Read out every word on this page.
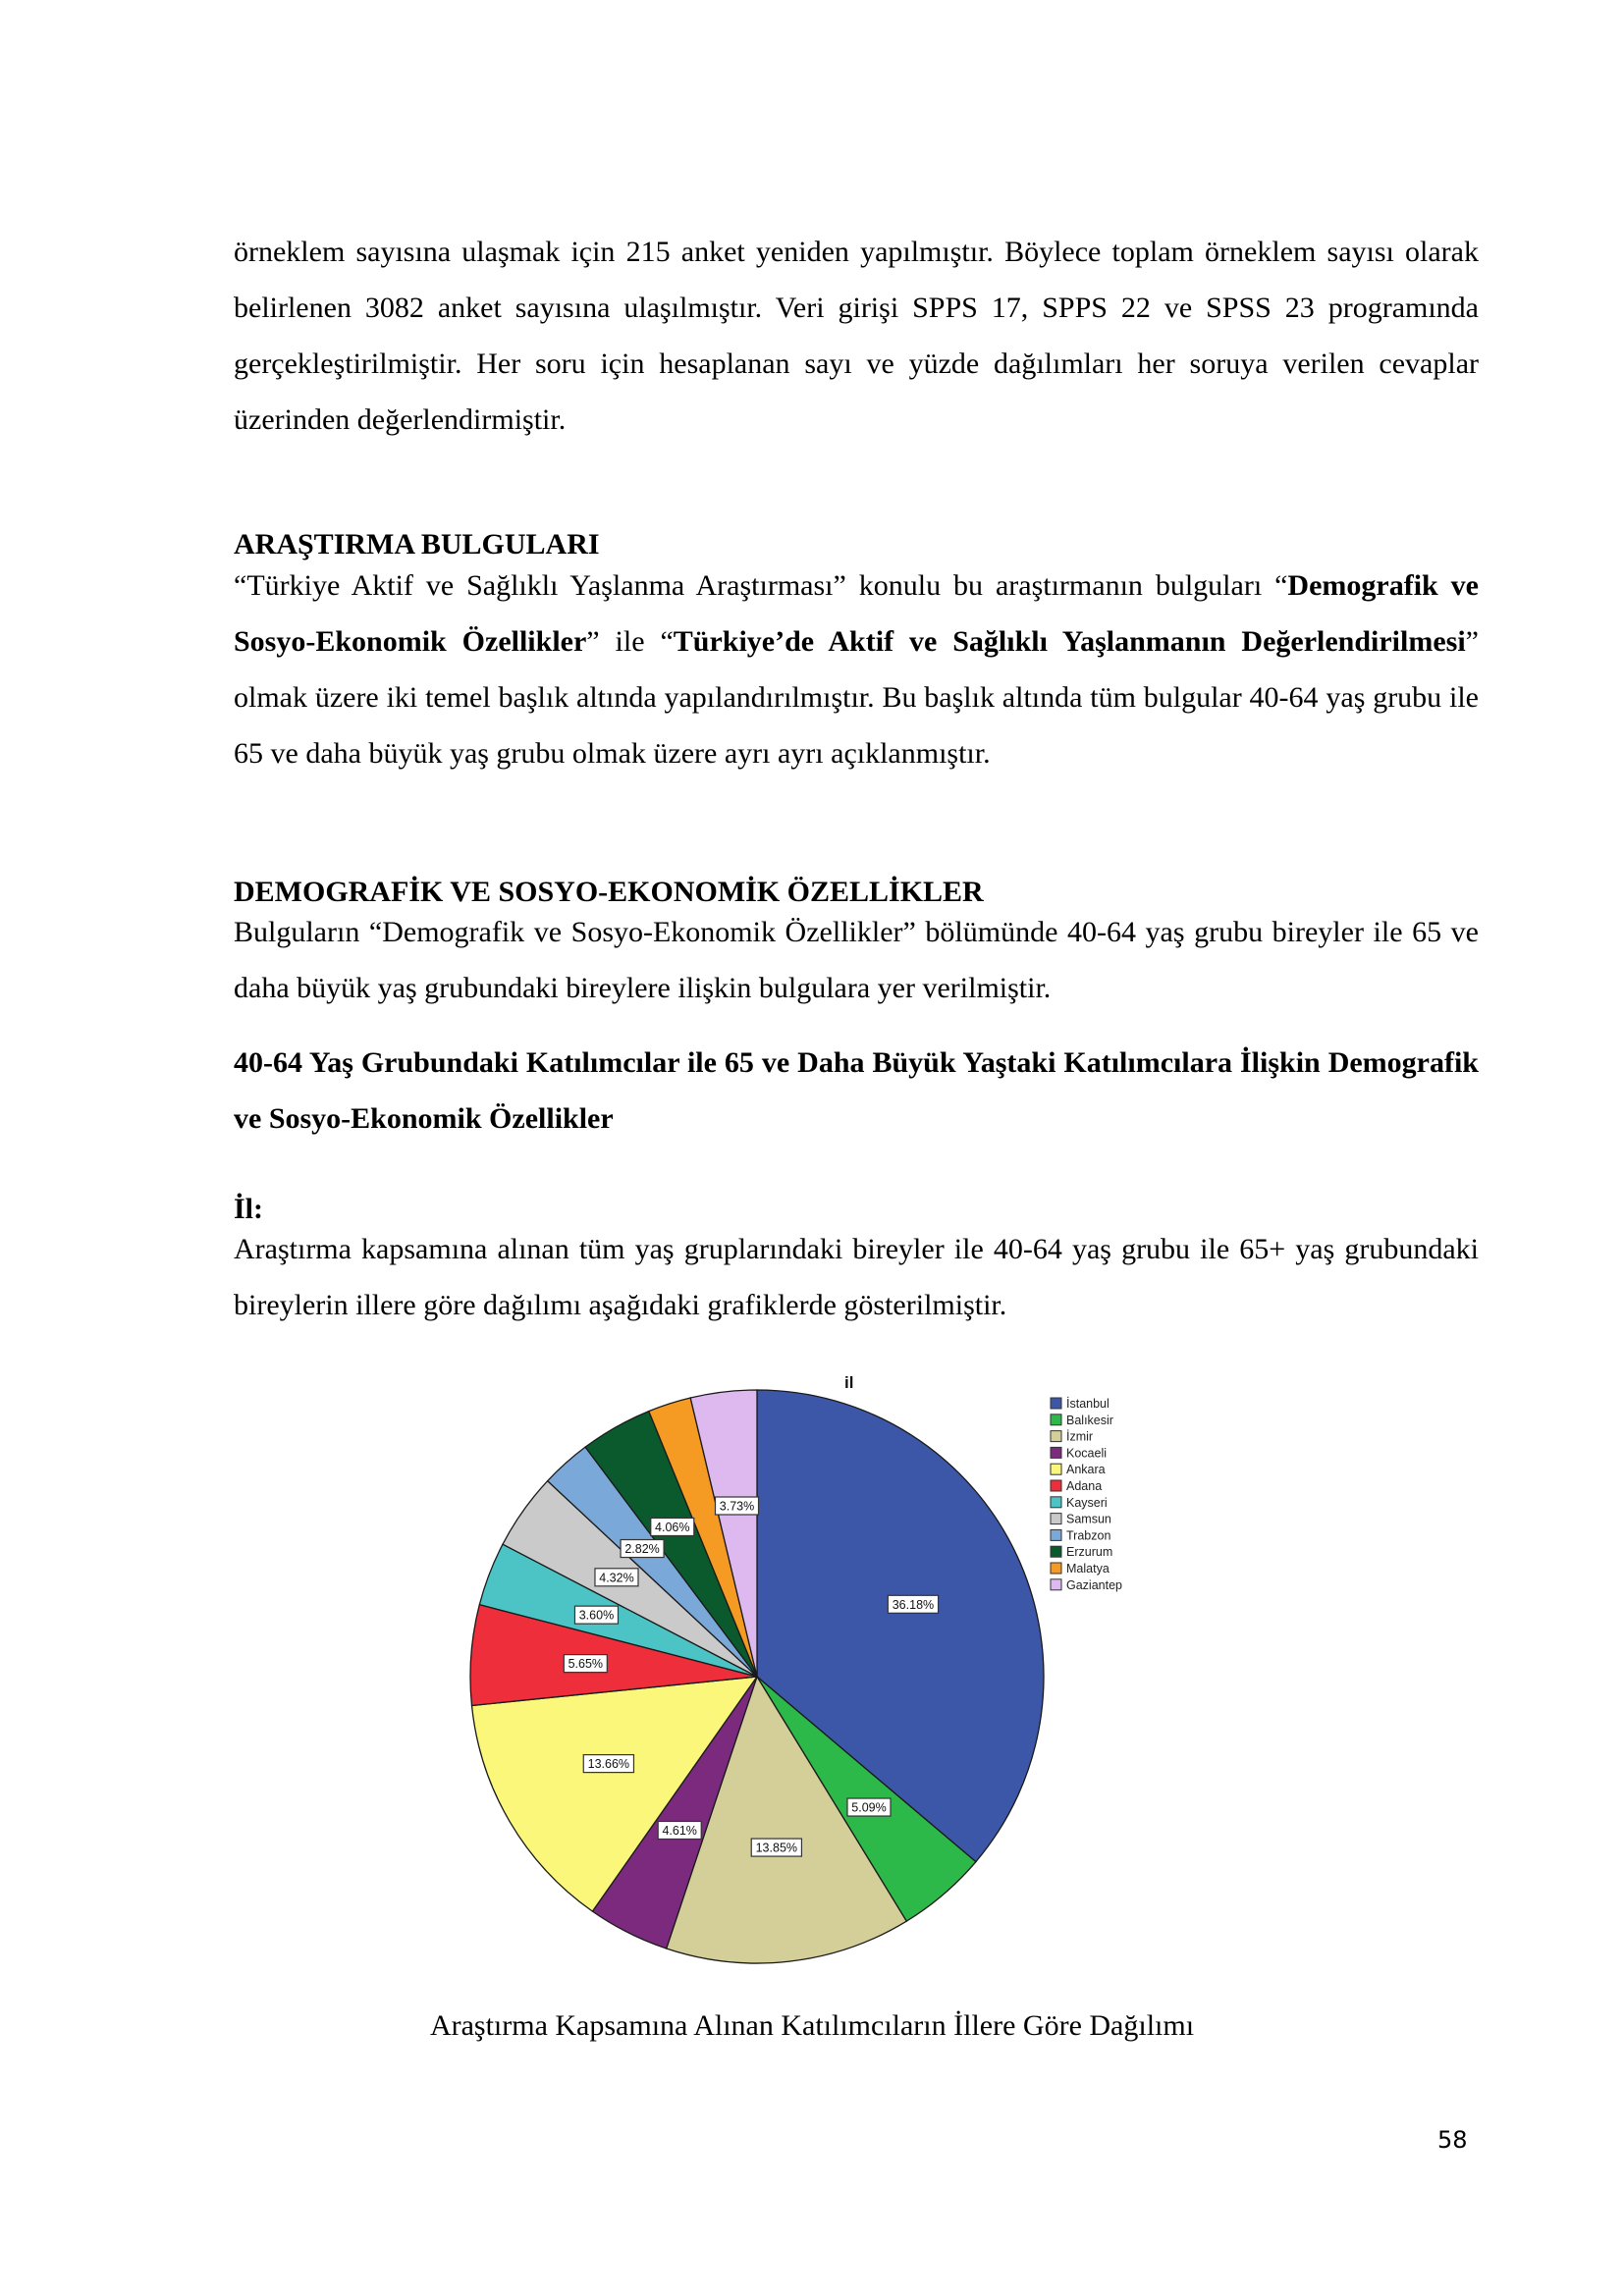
örneklem sayısına ulaşmak için 215 anket yeniden yapılmıştır. Böylece toplam örneklem sayısı olarak belirlenen 3082 anket sayısına ulaşılmıştır. Veri girişi SPPS 17, SPPS 22 ve SPSS 23 programında gerçekleştirilmiştir. Her soru için hesaplanan sayı ve yüzde dağılımları her soruya verilen cevaplar üzerinden değerlendirmiştir.

ARAŞTIRMA BULGULARI

“Türkiye Aktif ve Sağlıklı Yaşlanma Araştırması” konulu bu araştırmanın bulguları “Demografik ve Sosyo-Ekonomik Özellikler” ile “Türkiye’de Aktif ve Sağlıklı Yaşlanmanın Değerlendirilmesi” olmak üzere iki temel başlık altında yapılandırılmıştır. Bu başlık altında tüm bulgular 40-64 yaş grubu ile 65 ve daha büyük yaş grubu olmak üzere ayrı ayrı açıklanmıştır.

DEMOGRAFİK VE SOSYO-EKONOMİK ÖZELLİKLER

Bulguların “Demografik ve Sosyo-Ekonomik Özellikler” bölümünde 40-64 yaş grubu bireyler ile 65 ve daha büyük yaş grubundaki bireylere ilişkin bulgulara yer verilmiştir.

40-64 Yaş Grubundaki Katılımcılar ile 65 ve Daha Büyük Yaştaki Katılımcılara İlişkin Demografik ve Sosyo-Ekonomik Özellikler

İl:

Araştırma kapsamına alınan tüm yaş gruplarındaki bireyler ile 40-64 yaş grubu ile 65+ yaş grubundaki bireylerin illere göre dağılımı aşağıdaki grafiklerde gösterilmiştir.

il
36.18%
5.09%
13.85%
4.61%
13.66%
5.65%
3.60%
4.32%
2.82%
4.06%
3.73%
İstanbul
Balıkesir
İzmir
Kocaeli
Ankara
Adana
Kayseri
Samsun
Trabzon
Erzurum
Malatya
Gaziantep
Araştırma Kapsamına Alınan Katılımcıların İllere Göre Dağılımı
58
